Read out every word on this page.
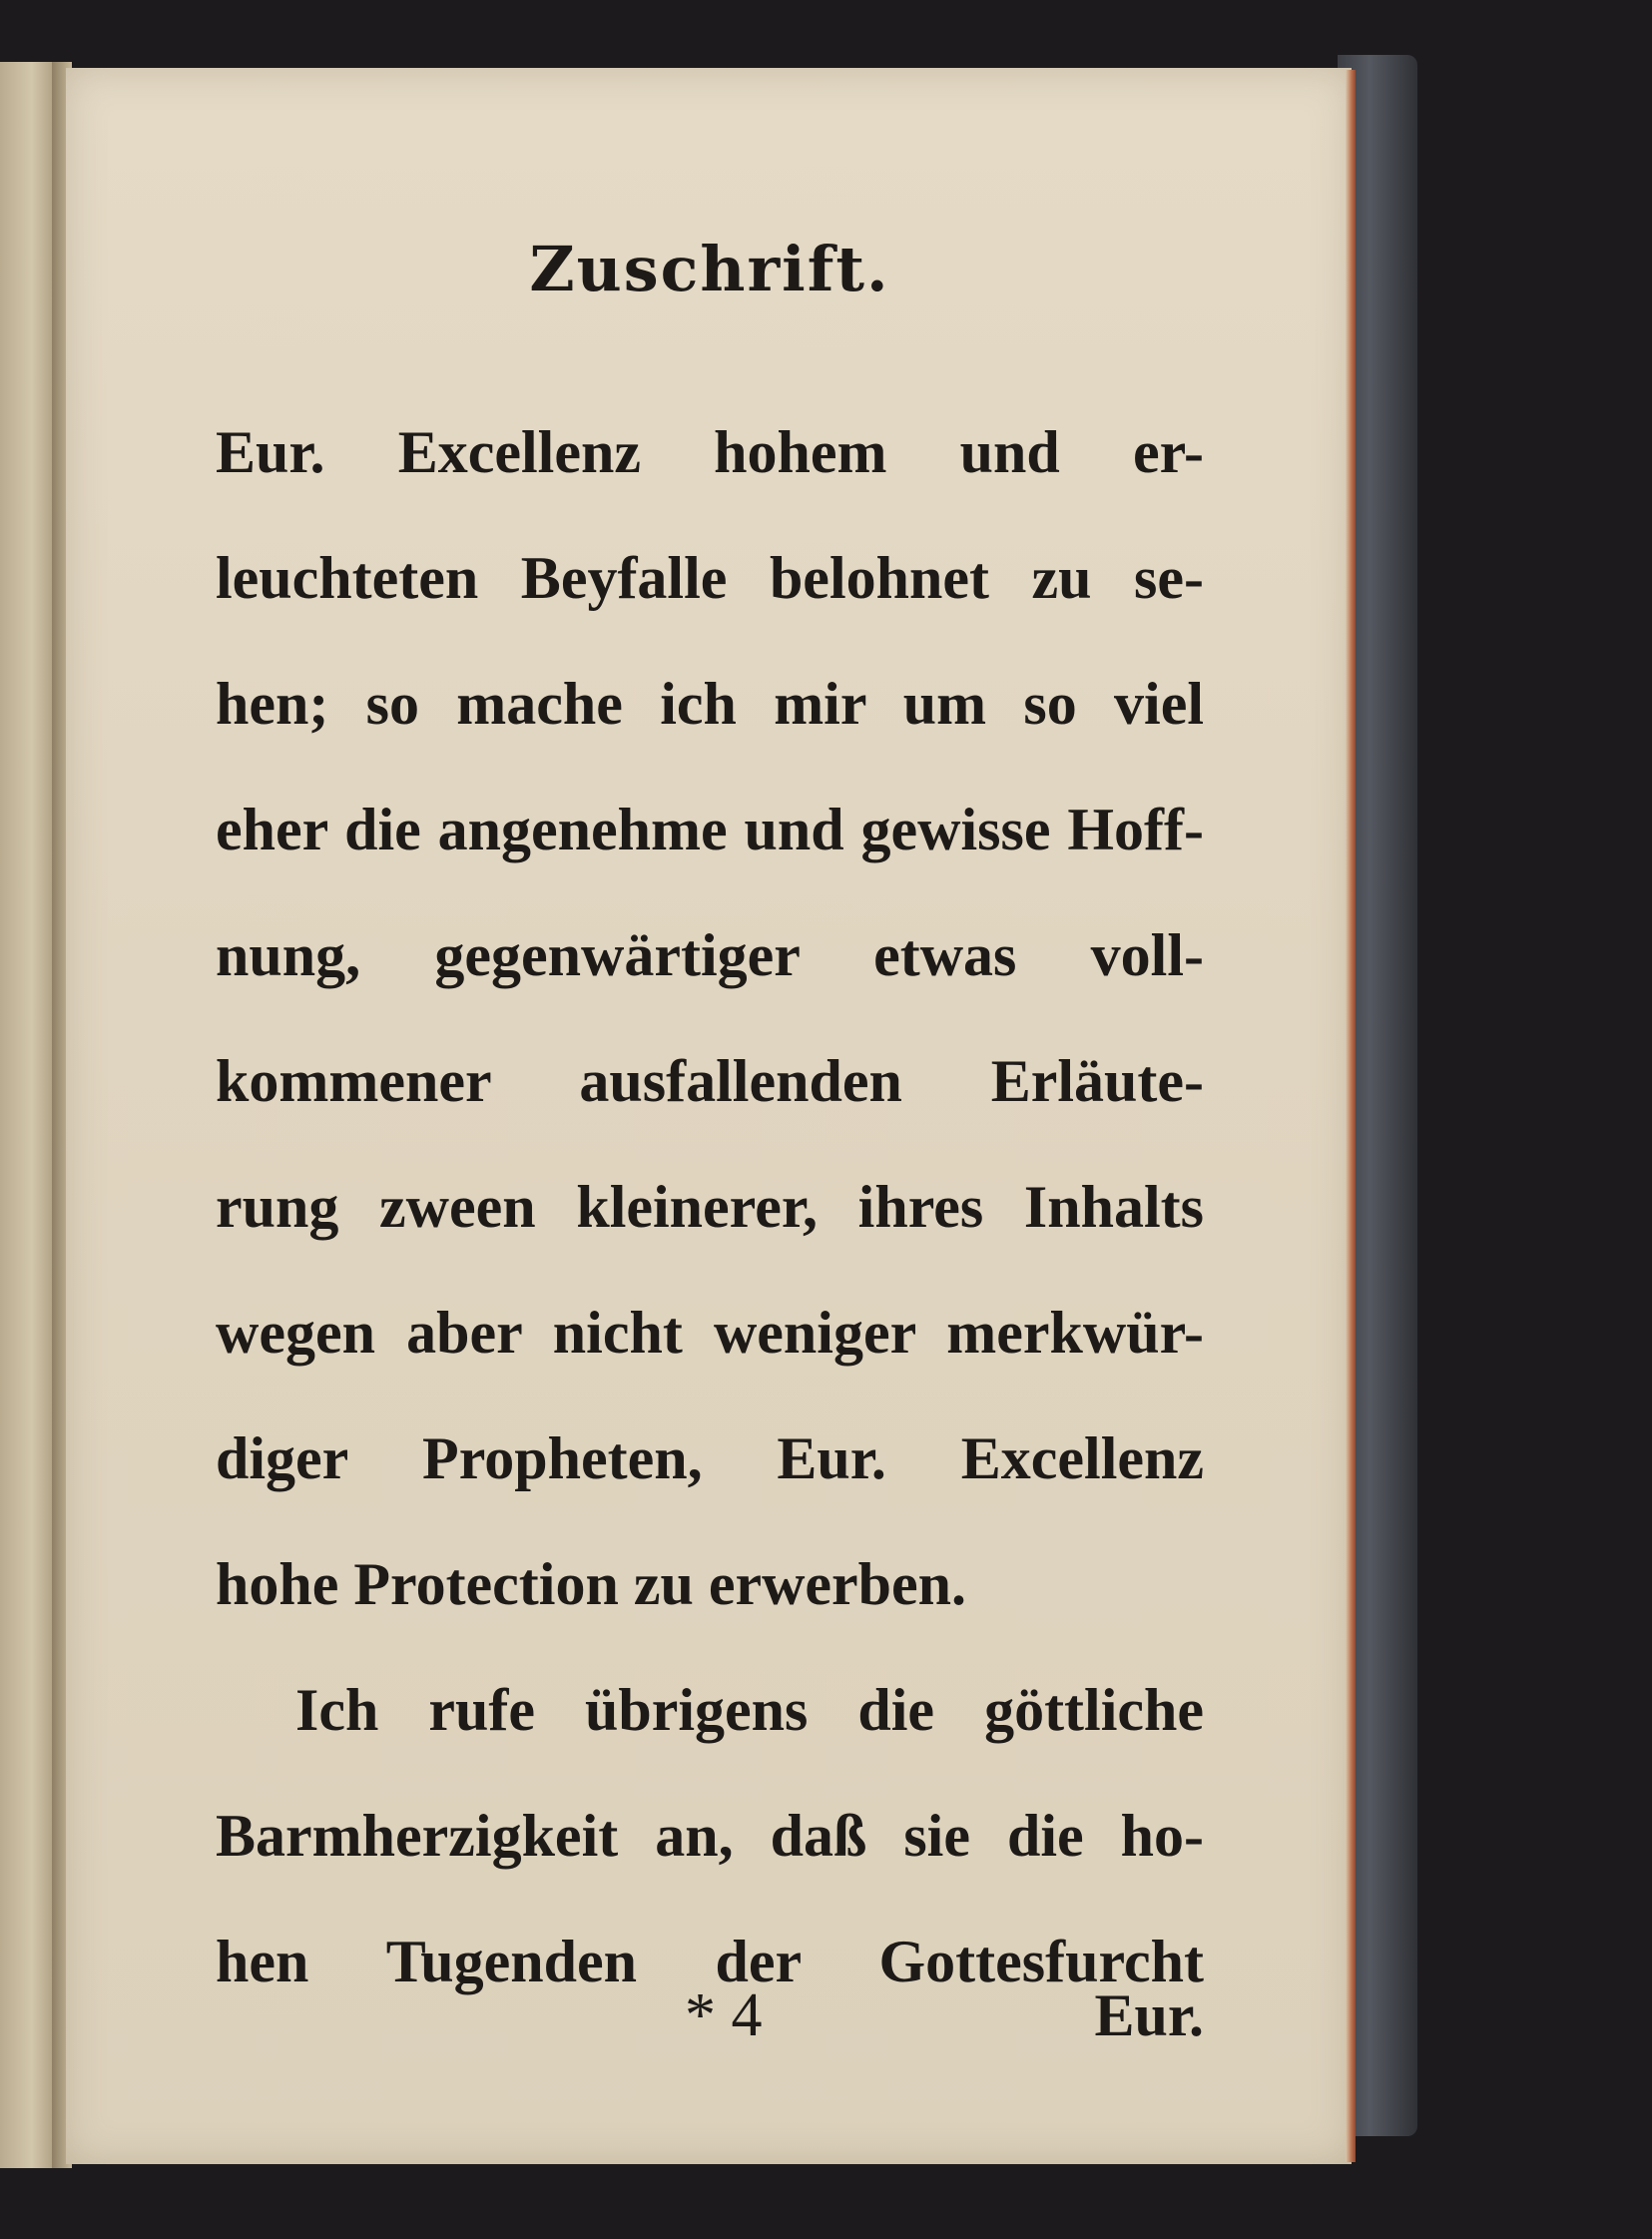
Zuschrift.
Eur. Excellenz hohem und er-
leuchteten Beyfalle belohnet zu se-
hen; so mache ich mir um so viel
eher die angenehme und gewisse Hoff-
nung, gegenwärtiger etwas voll-
kommener ausfallenden Erläute-
rung zween kleinerer, ihres Inhalts
wegen aber nicht weniger merkwür-
diger Propheten, Eur. Excellenz
hohe Protection zu erwerben.
Ich rufe übrigens die göttliche
Barmherzigkeit an, daß sie die ho-
hen Tugenden der Gottesfurcht
* 4	Eur.
